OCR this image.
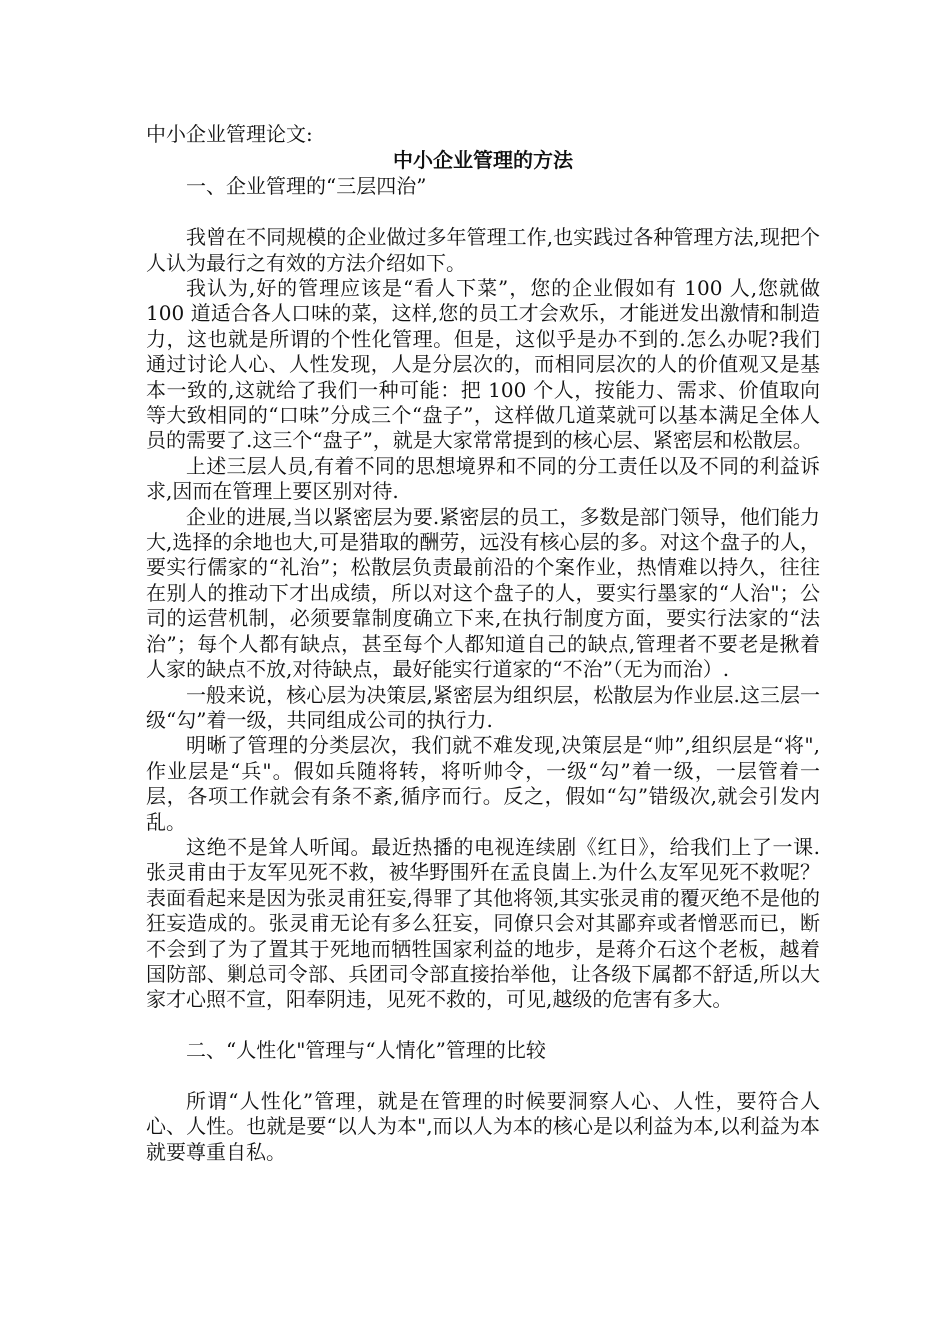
中小企业管理论文:

中小企业管理的方法

一、企业管理的“三层四治”

我曾在不同规模的企业做过多年管理工作,也实践过各种管理方法,现把个人认为最行之有效的方法介绍如下。

我认为,好的管理应该是“看人下菜”，您的企业假如有 100 人,您就做 100 道适合各人口味的菜，这样,您的员工才会欢乐，才能迸发出激情和制造力，这也就是所谓的个性化管理。但是，这似乎是办不到的.怎么办呢?我们通过讨论人心、人性发现，人是分层次的，而相同层次的人的价值观又是基本一致的,这就给了我们一种可能：把 100 个人，按能力、需求、价值取向等大致相同的“口味”分成三个“盘子”，这样做几道菜就可以基本满足全体人员的需要了.这三个“盘子”，就是大家常常提到的核心层、紧密层和松散层。

上述三层人员,有着不同的思想境界和不同的分工责任以及不同的利益诉求,因而在管理上要区别对待.

企业的进展,当以紧密层为要.紧密层的员工，多数是部门领导，他们能力大,选择的余地也大,可是猎取的酬劳，远没有核心层的多。对这个盘子的人，要实行儒家的“礼治”；松散层负责最前沿的个案作业，热情难以持久，往往在别人的推动下才出成绩，所以对这个盘子的人，要实行墨家的“人治"；公司的运营机制，必须要靠制度确立下来,在执行制度方面，要实行法家的“法治”；每个人都有缺点，甚至每个人都知道自己的缺点,管理者不要老是揪着人家的缺点不放,对待缺点，最好能实行道家的“不治”（无为而治）.

一般来说，核心层为决策层,紧密层为组织层，松散层为作业层.这三层一级“勾”着一级，共同组成公司的执行力.

明晰了管理的分类层次，我们就不难发现,决策层是“帅”,组织层是“将",作业层是“兵"。假如兵随将转，将听帅令，一级“勾”着一级，一层管着一层，各项工作就会有条不紊,循序而行。反之，假如“勾”错级次,就会引发内乱。

这绝不是耸人听闻。最近热播的电视连续剧《红日》，给我们上了一课.张灵甫由于友军见死不救，被华野围歼在孟良崮上.为什么友军见死不救呢？表面看起来是因为张灵甫狂妄,得罪了其他将领,其实张灵甫的覆灭绝不是他的狂妄造成的。张灵甫无论有多么狂妄，同僚只会对其鄙弃或者憎恶而已，断不会到了为了置其于死地而牺牲国家利益的地步，是蒋介石这个老板，越着国防部、剿总司令部、兵团司令部直接抬举他，让各级下属都不舒适,所以大家才心照不宣，阳奉阴违，见死不救的，可见,越级的危害有多大。

二、“人性化"管理与“人情化”管理的比较

所谓“人性化”管理，就是在管理的时候要洞察人心、人性，要符合人心、人性。也就是要“以人为本",而以人为本的核心是以利益为本,以利益为本就要尊重自私。
